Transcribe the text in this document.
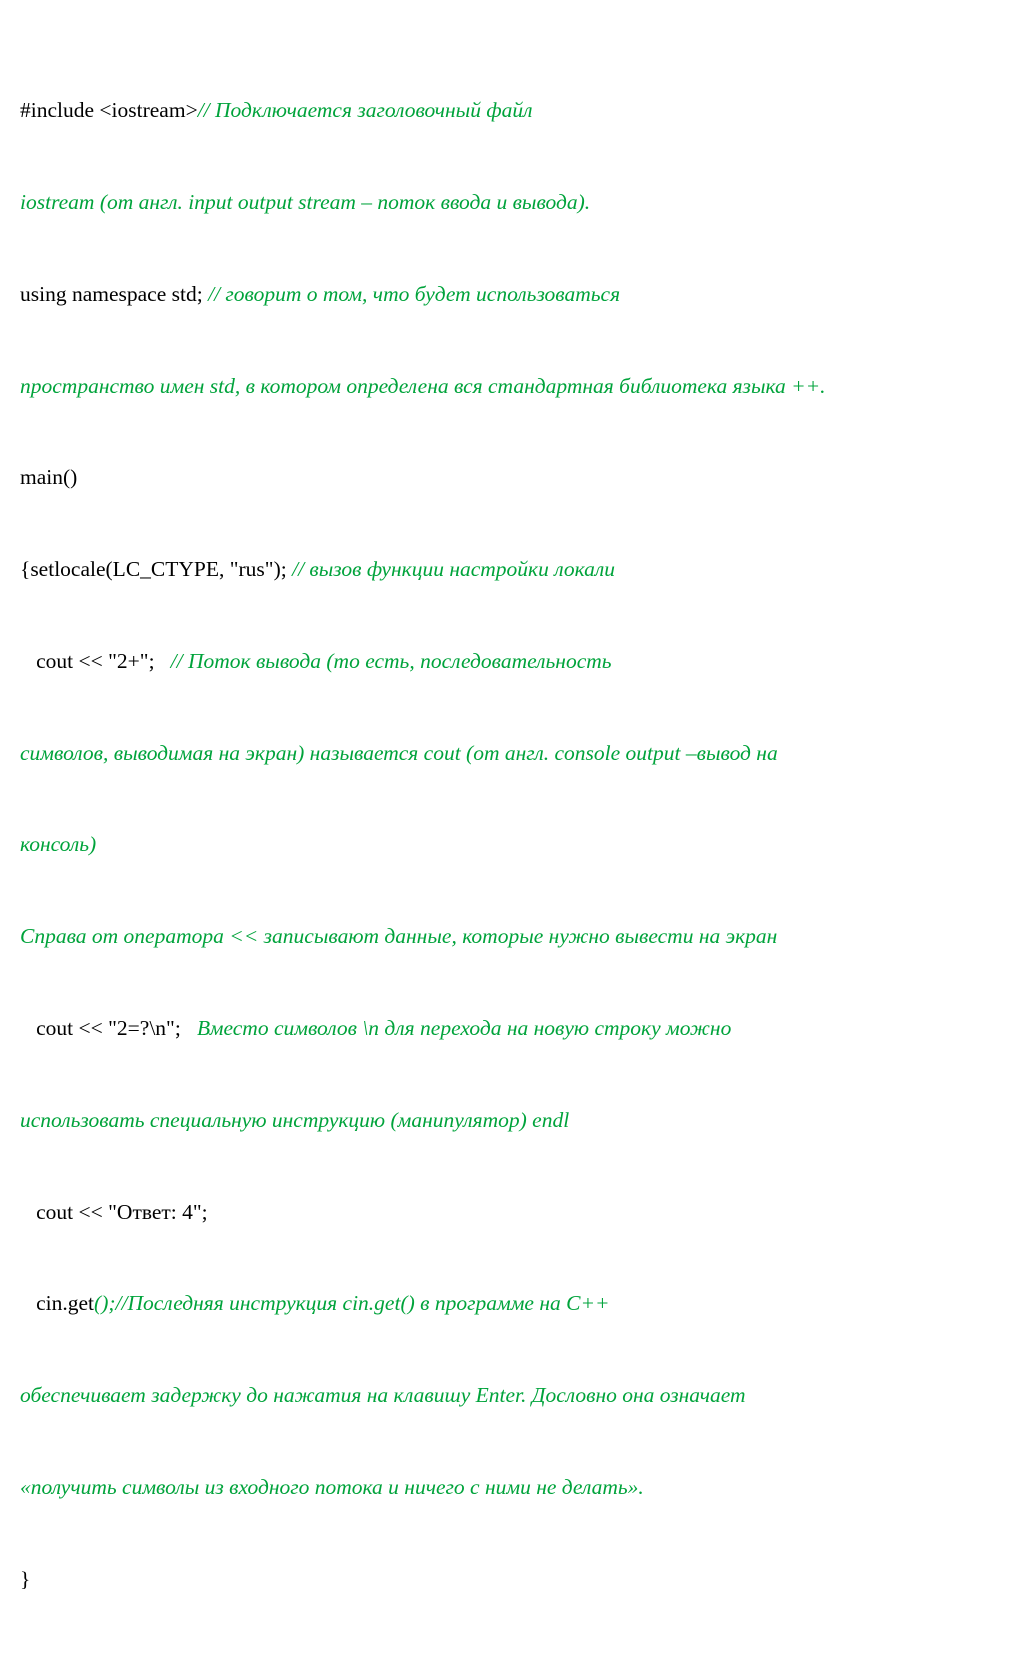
#include <iostream>// Подключается заголовочный файл

iostream (от англ. input output stream – поток ввода и вывода).

using namespace std; // говорит о том, что будет использоваться

пространство имен std, в котором определена вся стандартная библиотека языка ++.

main()

{setlocale(LC_CTYPE, "rus"); // вызов функции настройки локали

cout << "2+";   // Поток вывода (то есть, последовательность

символов, выводимая на экран) называется cout (от англ. console output –вывод на

консоль)

Справа от оператора << записывают данные, которые нужно вывести на экран

cout << "2=?\n";   Вместо символов \n для перехода на новую строку можно

использовать специальную инструкцию (манипулятор) endl

cout << "Ответ: 4";

cin.get();//Последняя инструкция cin.get() в программе на C++

обеспечивает задержку до нажатия на клавишу Enter. Дословно она означает

«получить символы из входного потока и ничего с ними не делать».

}
